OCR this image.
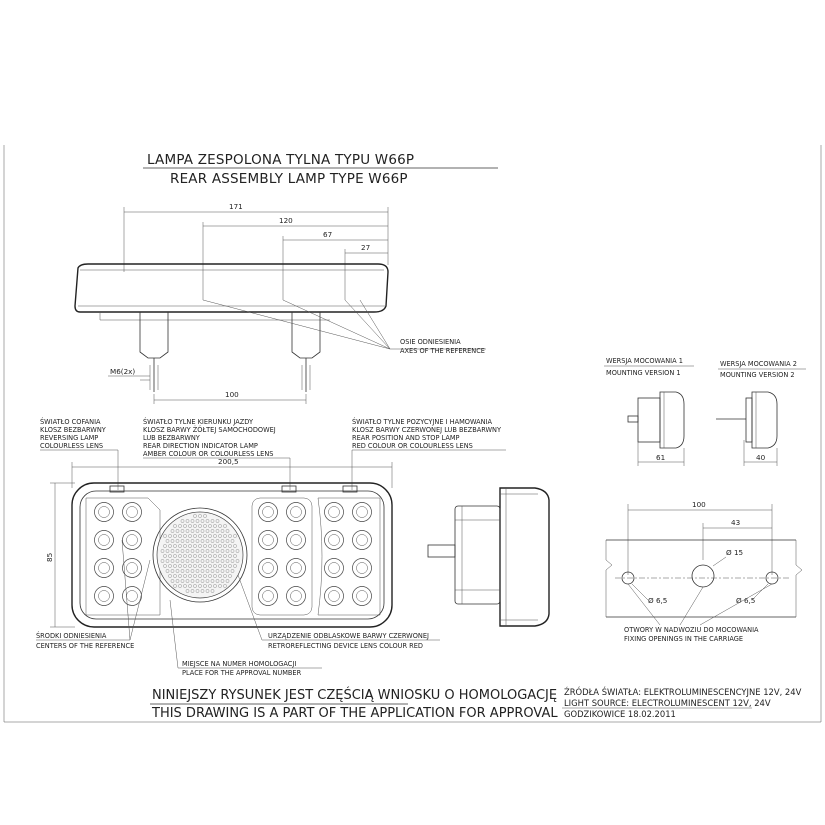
LAMPA ZESPOLONA TYLNA TYPU W66P
REAR ASSEMBLY LAMP TYPE W66P
171
120
67
27
100
M6(2x)
OSIE ODNIESIENIA
AXES OF THE REFERENCE
ŚWIATŁO COFANIA
KLOSZ BEZBARWNY
REVERSING LAMP
COLOURLESS LENS
ŚWIATŁO TYLNE KIERUNKU JAZDY
KLOSZ BARWY ŻÓŁTEJ SAMOCHODOWEJ
LUB BEZBARWNY
REAR DIRECTION INDICATOR LAMP
AMBER COLOUR OR COLOURLESS LENS
ŚWIATŁO TYLNE POZYCYJNE I HAMOWANIA
KLOSZ BARWY CZERWONEJ LUB BEZBARWNY
REAR POSITION AND STOP LAMP
RED COLOUR OR COLOURLESS LENS
200,5
85
ŚRODKI ODNIESIENIA
CENTERS OF THE REFERENCE
URZĄDZENIE ODBLASKOWE BARWY CZERWONEJ
RETROREFLECTING DEVICE LENS COLOUR RED
MIEJSCE NA NUMER HOMOLOGACJI
PLACE FOR THE APPROVAL NUMBER
WERSJA MOCOWANIA 1
MOUNTING VERSION 1
WERSJA MOCOWANIA 2
MOUNTING VERSION 2
61	40
100
43
Ø 15
Ø 6,5	Ø 6,5
OTWORY W NADWOZIU DO MOCOWANIA
FIXING OPENINGS IN THE CARRIAGE
NINIEJSZY RYSUNEK JEST CZĘŚCIĄ WNIOSKU O HOMOLOGACJĘ
THIS DRAWING IS A PART OF THE APPLICATION FOR APPROVAL
ŹRÓDŁA ŚWIATŁA: ELEKTROLUMINESCENCYJNE 12V, 24V
LIGHT SOURCE: ELECTROLUMINESCENT 12V, 24V
GODZIKOWICE 18.02.2011
